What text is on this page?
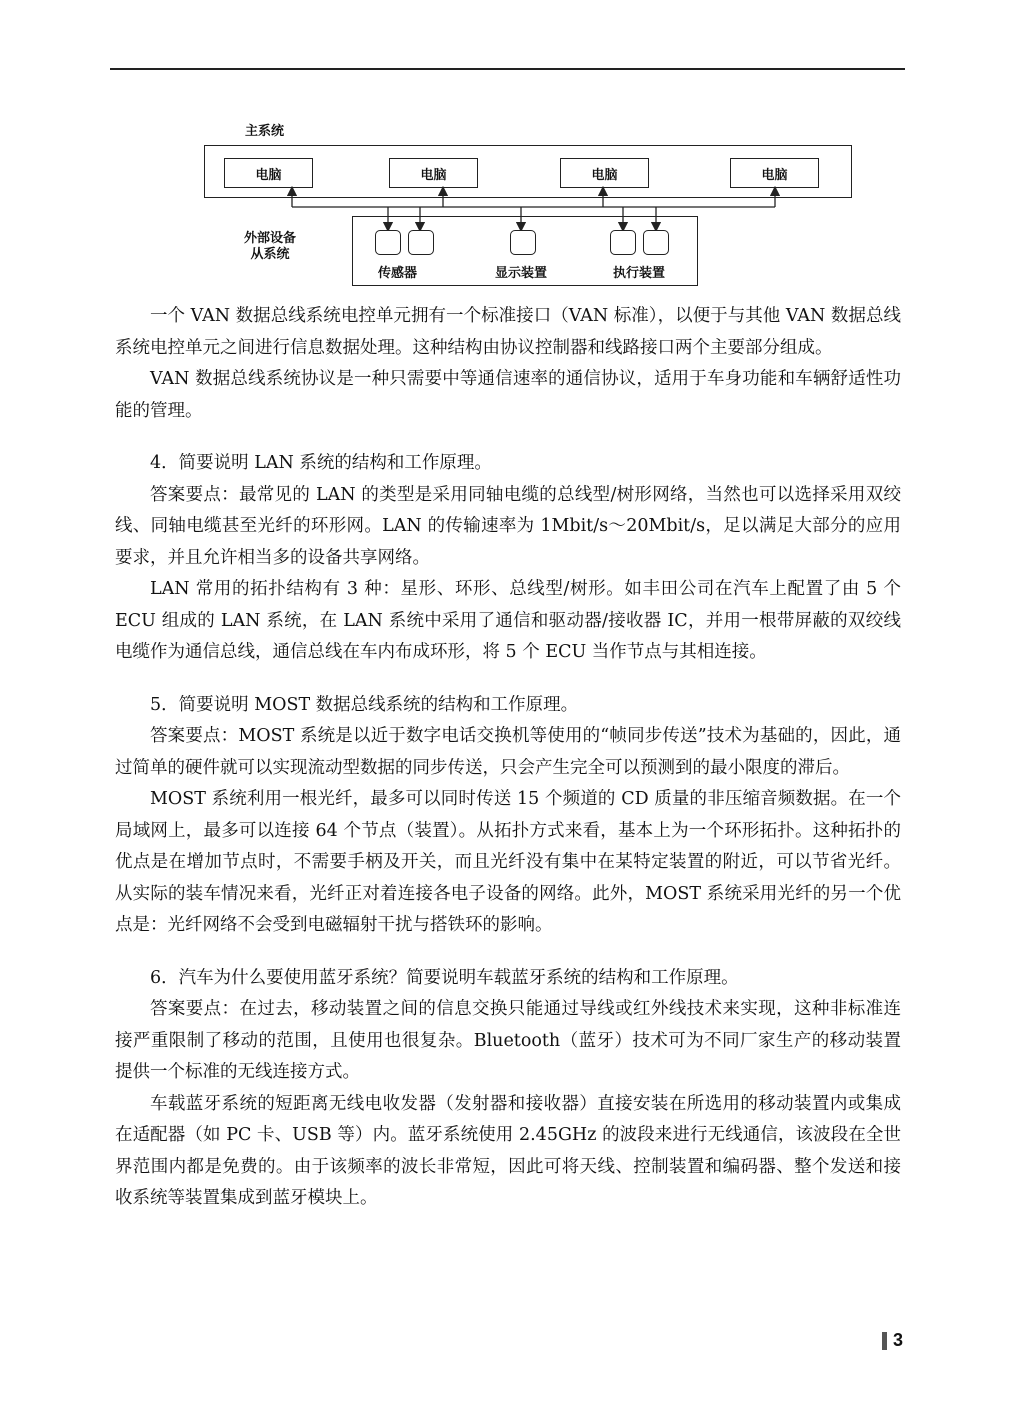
主系统
电脑	电脑	电脑	电脑
外部设备
从系统
传感器	显示装置	执行装置

一个 VAN 数据总线系统电控单元拥有一个标准接口（VAN 标准），以便于与其他 VAN 数据总线系统电控单元之间进行信息数据处理。这种结构由协议控制器和线路接口两个主要部分组成。

VAN 数据总线系统协议是一种只需要中等通信速率的通信协议，适用于车身功能和车辆舒适性功能的管理。

4．简要说明 LAN 系统的结构和工作原理。

答案要点：最常见的 LAN 的类型是采用同轴电缆的总线型/树形网络，当然也可以选择采用双绞线、同轴电缆甚至光纤的环形网。LAN 的传输速率为 1Mbit/s～20Mbit/s，足以满足大部分的应用要求，并且允许相当多的设备共享网络。

LAN 常用的拓扑结构有 3 种：星形、环形、总线型/树形。如丰田公司在汽车上配置了由 5 个 ECU 组成的 LAN 系统，在 LAN 系统中采用了通信和驱动器/接收器 IC，并用一根带屏蔽的双绞线电缆作为通信总线，通信总线在车内布成环形，将 5 个 ECU 当作节点与其相连接。

5．简要说明 MOST 数据总线系统的结构和工作原理。

答案要点：MOST 系统是以近于数字电话交换机等使用的“帧同步传送”技术为基础的，因此，通过简单的硬件就可以实现流动型数据的同步传送，只会产生完全可以预测到的最小限度的滞后。

MOST 系统利用一根光纤，最多可以同时传送 15 个频道的 CD 质量的非压缩音频数据。在一个局域网上，最多可以连接 64 个节点（装置）。从拓扑方式来看，基本上为一个环形拓扑。这种拓扑的优点是在增加节点时，不需要手柄及开关，而且光纤没有集中在某特定装置的附近，可以节省光纤。从实际的装车情况来看，光纤正对着连接各电子设备的网络。此外，MOST 系统采用光纤的另一个优点是：光纤网络不会受到电磁辐射干扰与搭铁环的影响。

6．汽车为什么要使用蓝牙系统？简要说明车载蓝牙系统的结构和工作原理。

答案要点：在过去，移动装置之间的信息交换只能通过导线或红外线技术来实现，这种非标准连接严重限制了移动的范围，且使用也很复杂。Bluetooth（蓝牙）技术可为不同厂家生产的移动装置提供一个标准的无线连接方式。

车载蓝牙系统的短距离无线电收发器（发射器和接收器）直接安装在所选用的移动装置内或集成在适配器（如 PC 卡、USB 等）内。蓝牙系统使用 2.45GHz 的波段来进行无线通信，该波段在全世界范围内都是免费的。由于该频率的波长非常短，因此可将天线、控制装置和编码器、整个发送和接收系统等装置集成到蓝牙模块上。

3
